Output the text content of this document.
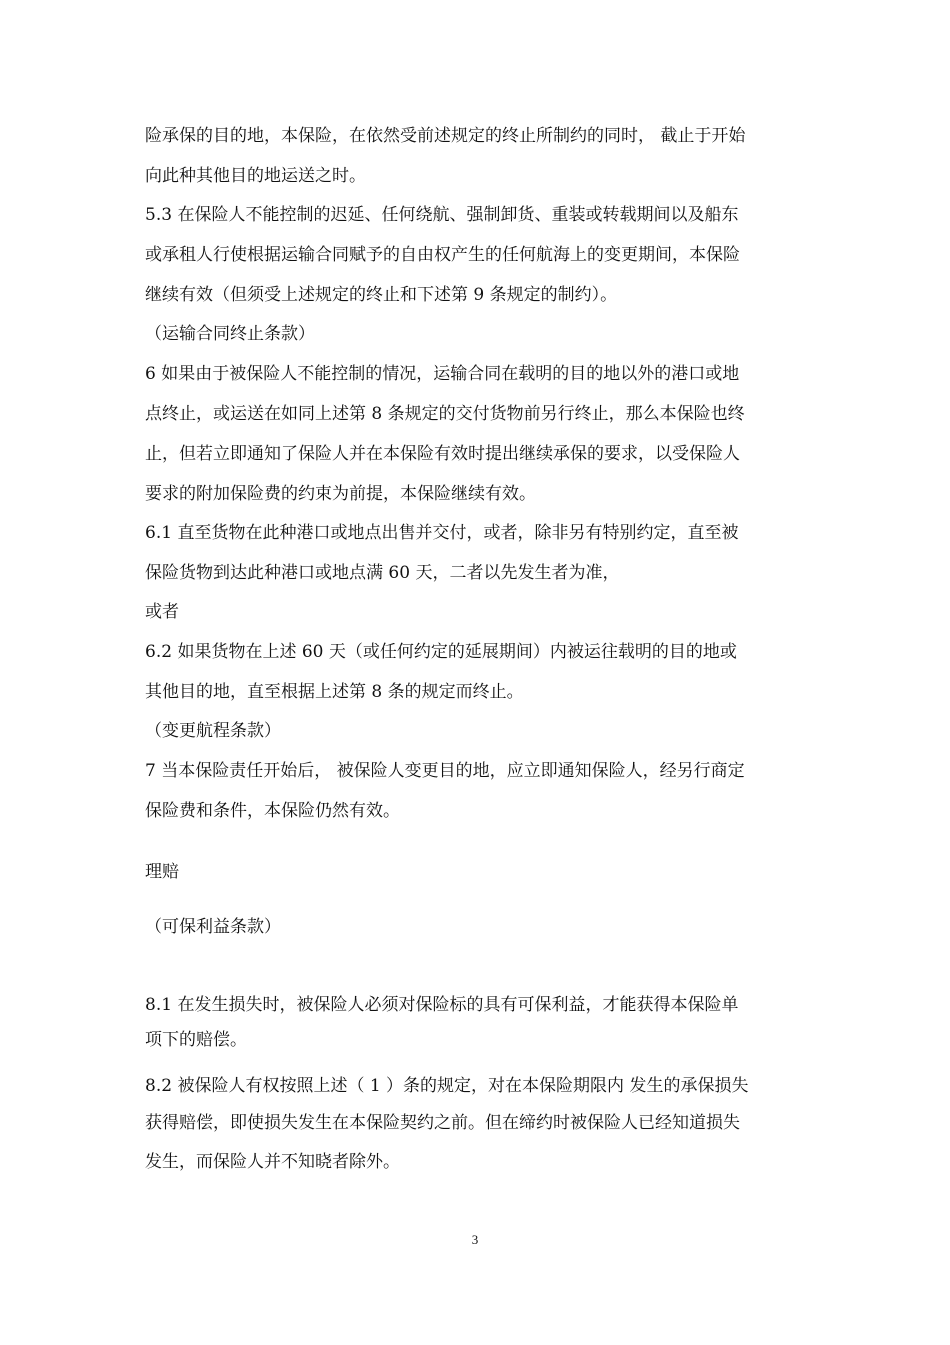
险承保的目的地，本保险，在依然受前述规定的终止所制约的同时， 截止于开始

向此种其他目的地运送之时。

5.3 在保险人不能控制的迟延、任何绕航、强制卸货、重装或转载期间以及船东

或承租人行使根据运输合同赋予的自由权产生的任何航海上的变更期间，本保险

继续有效（但须受上述规定的终止和下述第 9 条规定的制约）。

（运输合同终止条款）

6 如果由于被保险人不能控制的情况，运输合同在载明的目的地以外的港口或地

点终止，或运送在如同上述第 8 条规定的交付货物前另行终止，那么本保险也终

止，但若立即通知了保险人并在本保险有效时提出继续承保的要求，以受保险人

要求的附加保险费的约束为前提，本保险继续有效。

6.1 直至货物在此种港口或地点出售并交付，或者，除非另有特别约定，直至被

保险货物到达此种港口或地点满 60 天，二者以先发生者为准，

或者

6.2 如果货物在上述 60 天（或任何约定的延展期间）内被运往载明的目的地或

其他目的地，直至根据上述第 8 条的规定而终止。

（变更航程条款）

7 当本保险责任开始后， 被保险人变更目的地，应立即通知保险人，经另行商定

保险费和条件，本保险仍然有效。

理赔

（可保利益条款）

8.1 在发生损失时，被保险人必须对保险标的具有可保利益，才能获得本保险单

项下的赔偿。

8.2 被保险人有权按照上述（ 1 ）条的规定，对在本保险期限内 发生的承保损失

获得赔偿，即使损失发生在本保险契约之前。但在缔约时被保险人已经知道损失

发生，而保险人并不知晓者除外。

3
